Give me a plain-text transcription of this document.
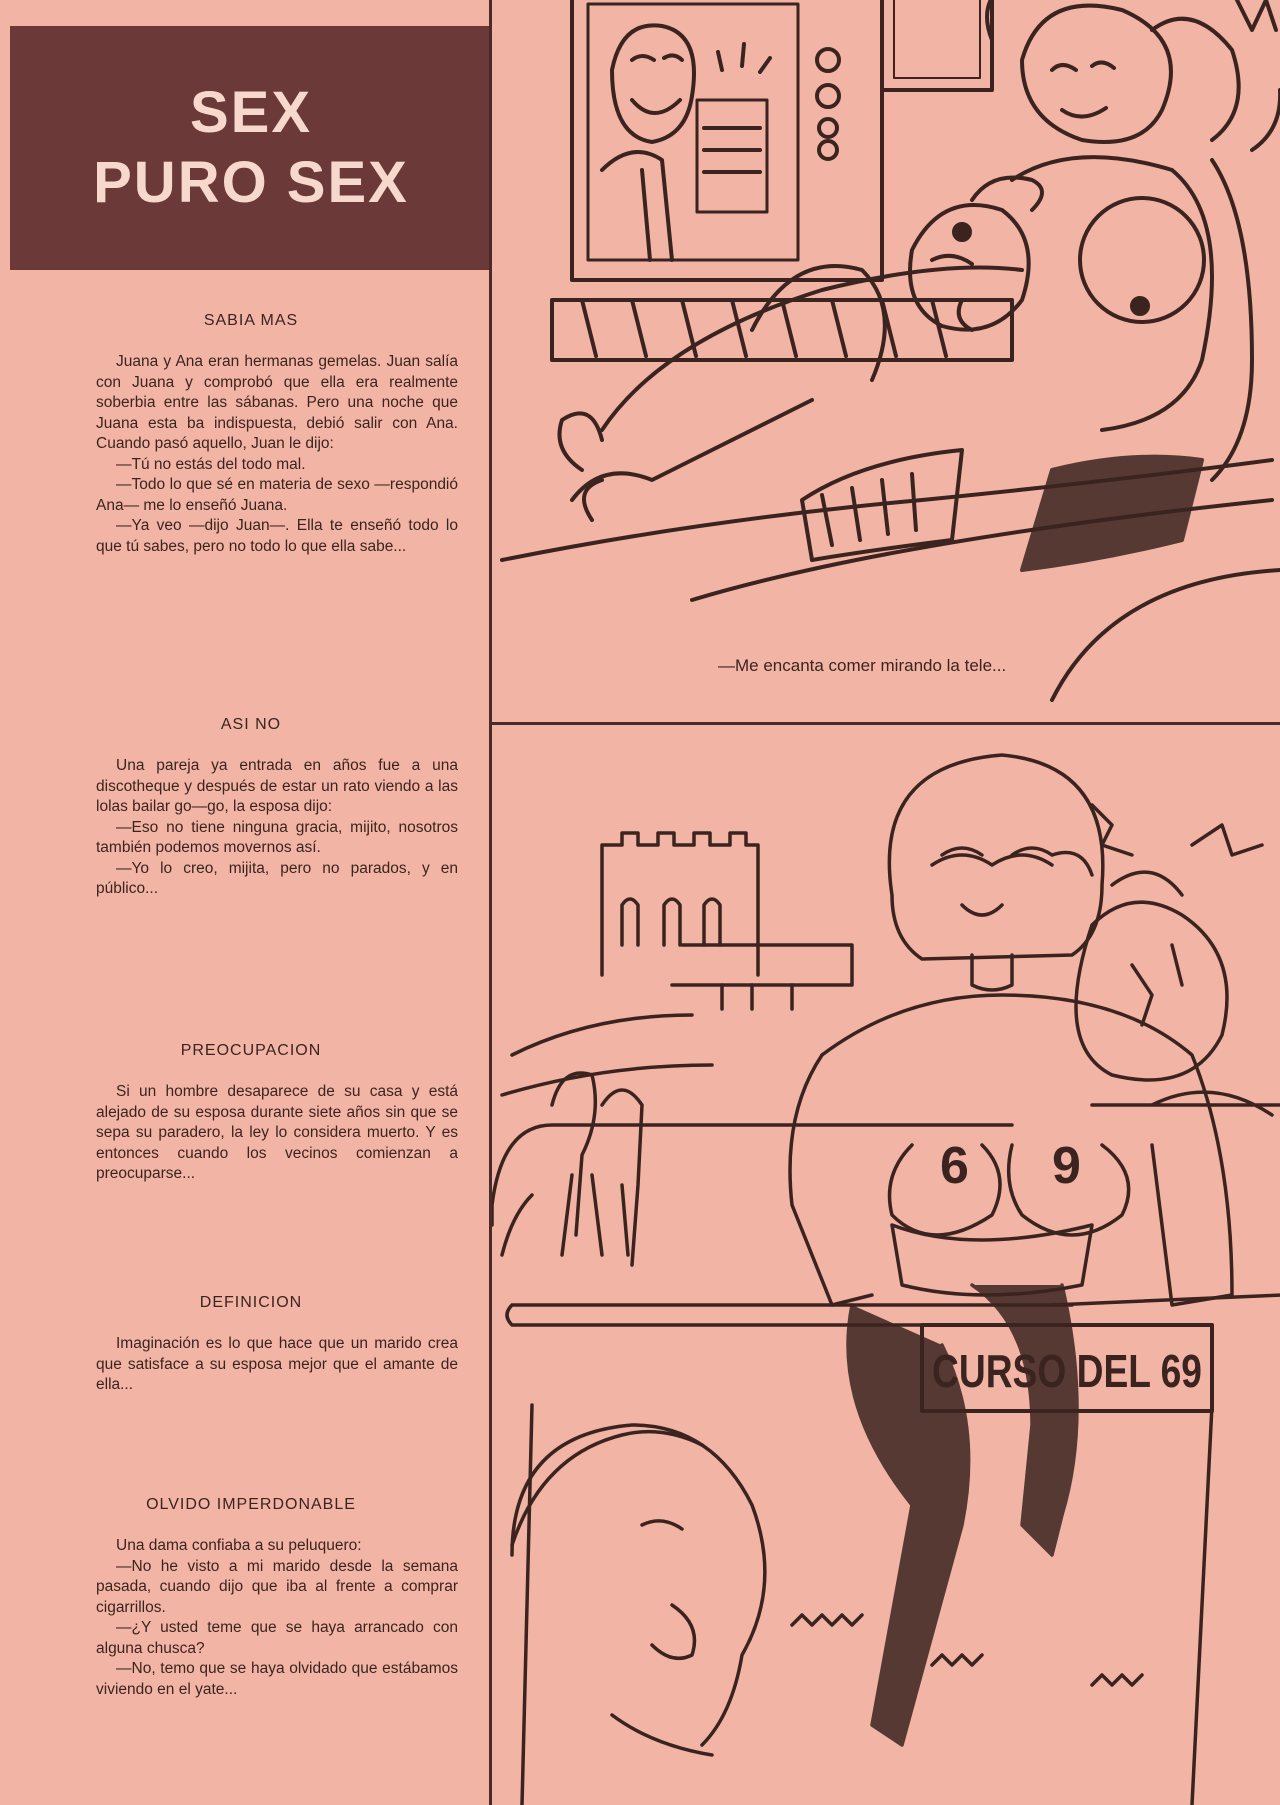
SEX
PURO SEX
SABIA MAS

Juana y Ana eran hermanas gemelas. Juan salía con Juana y comprobó que ella era realmente soberbia entre las sábanas. Pero una noche que Juana esta ba indispuesta, debió salir con Ana. Cuando pasó aquello, Juan le dijo:

—Tú no estás del todo mal.

—Todo lo que sé en materia de sexo —respondió Ana— me lo enseñó Juana.

—Ya veo —dijo Juan—. Ella te enseñó todo lo que tú sabes, pero no todo lo que ella sabe...

ASI NO

Una pareja ya entrada en años fue a una discotheque y después de estar un rato viendo a las lolas bailar go—go, la esposa dijo:

—Eso no tiene ninguna gracia, mijito, nosotros también podemos movernos así.

—Yo lo creo, mijita, pero no parados, y en público...

PREOCUPACION

Si un hombre desaparece de su casa y está alejado de su esposa durante siete años sin que se sepa su paradero, la ley lo considera muerto. Y es entonces cuando los vecinos comienzan a preocuparse...

DEFINICION

Imaginación es lo que hace que un marido crea que satisface a su esposa mejor que el amante de ella...

OLVIDO IMPERDONABLE

Una dama confiaba a su peluquero:

—No he visto a mi marido desde la semana pasada, cuando dijo que iba al frente a comprar cigarrillos.

—¿Y usted teme que se haya arrancado con alguna chusca?

—No, temo que se haya olvidado que estábamos viviendo en el yate...

—Me encanta comer mirando la tele...
6 9
CURSO DEL 69
